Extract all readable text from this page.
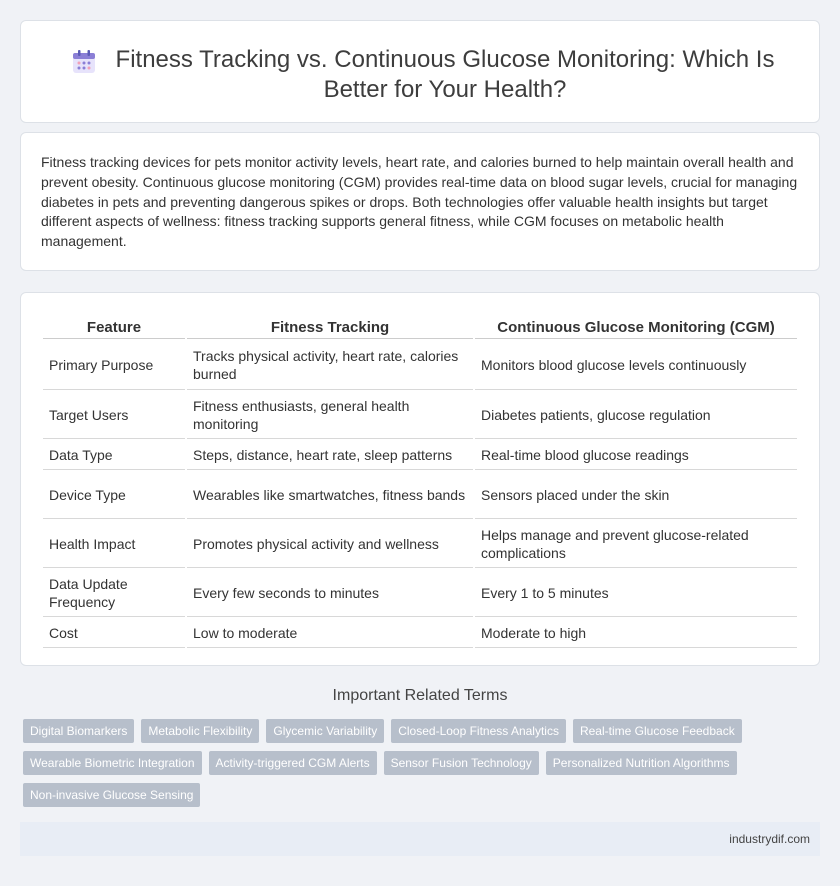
Fitness Tracking vs. Continuous Glucose Monitoring: Which Is Better for Your Health?

Fitness tracking devices for pets monitor activity levels, heart rate, and calories burned to help maintain overall health and prevent obesity. Continuous glucose monitoring (CGM) provides real-time data on blood sugar levels, crucial for managing diabetes in pets and preventing dangerous spikes or drops. Both technologies offer valuable health insights but target different aspects of wellness: fitness tracking supports general fitness, while CGM focuses on metabolic health management.

Feature	Fitness Tracking	Continuous Glucose Monitoring (CGM)
Primary Purpose	Tracks physical activity, heart rate, calories burned	Monitors blood glucose levels continuously
Target Users	Fitness enthusiasts, general health monitoring	Diabetes patients, glucose regulation
Data Type	Steps, distance, heart rate, sleep patterns	Real-time blood glucose readings
Device Type	Wearables like smartwatches, fitness bands	Sensors placed under the skin
Health Impact	Promotes physical activity and wellness	Helps manage and prevent glucose-related complications
Data Update Frequency	Every few seconds to minutes	Every 1 to 5 minutes
Cost	Low to moderate	Moderate to high
Important Related Terms
Digital Biomarkers	Metabolic Flexibility	Glycemic Variability	Closed-Loop Fitness Analytics	Real-time Glucose Feedback
Wearable Biometric Integration	Activity-triggered CGM Alerts	Sensor Fusion Technology	Personalized Nutrition Algorithms
Non-invasive Glucose Sensing
industrydif.com
